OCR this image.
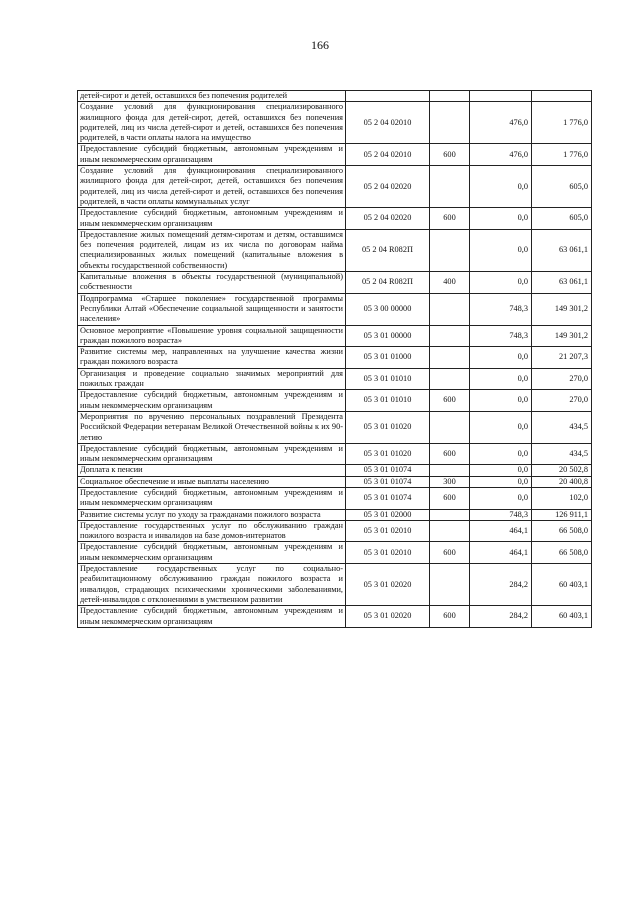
166
детей-сирот и детей, оставшихся без попечения родителей				
Создание условий для функционирования специализированного жилищного фонда для детей-сирот, детей, оставшихся без попечения родителей, лиц из числа детей-сирот и детей, оставшихся без попечения родителей, в части оплаты налога на имущество	05 2 04 02010		476,0	1 776,0
Предоставление субсидий бюджетным, автономным учреждениям и иным некоммерческим организациям	05 2 04 02010	600	476,0	1 776,0
Создание условий для функционирования специализированного жилищного фонда для детей-сирот, детей, оставшихся без попечения родителей, лиц из числа детей-сирот и детей, оставшихся без попечения родителей, в части оплаты коммунальных услуг	05 2 04 02020		0,0	605,0
Предоставление субсидий бюджетным, автономным учреждениям и иным некоммерческим организациям	05 2 04 02020	600	0,0	605,0
Предоставление жилых помещений детям-сиротам и детям, оставшимся без попечения родителей, лицам из их числа по договорам найма специализированных жилых помещений (капитальные вложения в объекты государственной собственности)	05 2 04 R082П		0,0	63 061,1
Капитальные вложения в объекты государственной (муниципальной) собственности	05 2 04 R082П	400	0,0	63 061,1
Подпрограмма «Старшее поколение» государственной программы Республики Алтай «Обеспечение социальной защищенности и занятости населения»	05 3 00 00000		748,3	149 301,2
Основное мероприятие «Повышение уровня социальной защищенности граждан пожилого возраста»	05 3 01 00000		748,3	149 301,2
Развитие системы мер, направленных на улучшение качества жизни граждан пожилого возраста	05 3 01 01000		0,0	21 207,3
Организация и проведение социально значимых мероприятий для пожилых граждан	05 3 01 01010		0,0	270,0
Предоставление субсидий бюджетным, автономным учреждениям и иным некоммерческим организациям	05 3 01 01010	600	0,0	270,0
Мероприятия по вручению персональных поздравлений Президента Российской Федерации ветеранам Великой Отечественной войны к их 90-летию	05 3 01 01020		0,0	434,5
Предоставление субсидий бюджетным, автономным учреждениям и иным некоммерческим организациям	05 3 01 01020	600	0,0	434,5
Доплата к пенсии	05 3 01 01074		0,0	20 502,8
Социальное обеспечение и иные выплаты населению	05 3 01 01074	300	0,0	20 400,8
Предоставление субсидий бюджетным, автономным учреждениям и иным некоммерческим организациям	05 3 01 01074	600	0,0	102,0
Развитие системы услуг по уходу за гражданами пожилого возраста	05 3 01 02000		748,3	126 911,1
Предоставление государственных услуг по обслуживанию граждан пожилого возраста и инвалидов на базе домов-интернатов	05 3 01 02010		464,1	66 508,0
Предоставление субсидий бюджетным, автономным учреждениям и иным некоммерческим организациям	05 3 01 02010	600	464,1	66 508,0
Предоставление государственных услуг по социально-реабилитационному обслуживанию граждан пожилого возраста и инвалидов, страдающих психическими хроническими заболеваниями, детей-инвалидов с отклонениями в умственном развитии	05 3 01 02020		284,2	60 403,1
Предоставление субсидий бюджетным, автономным учреждениям и иным некоммерческим организациям	05 3 01 02020	600	284,2	60 403,1
